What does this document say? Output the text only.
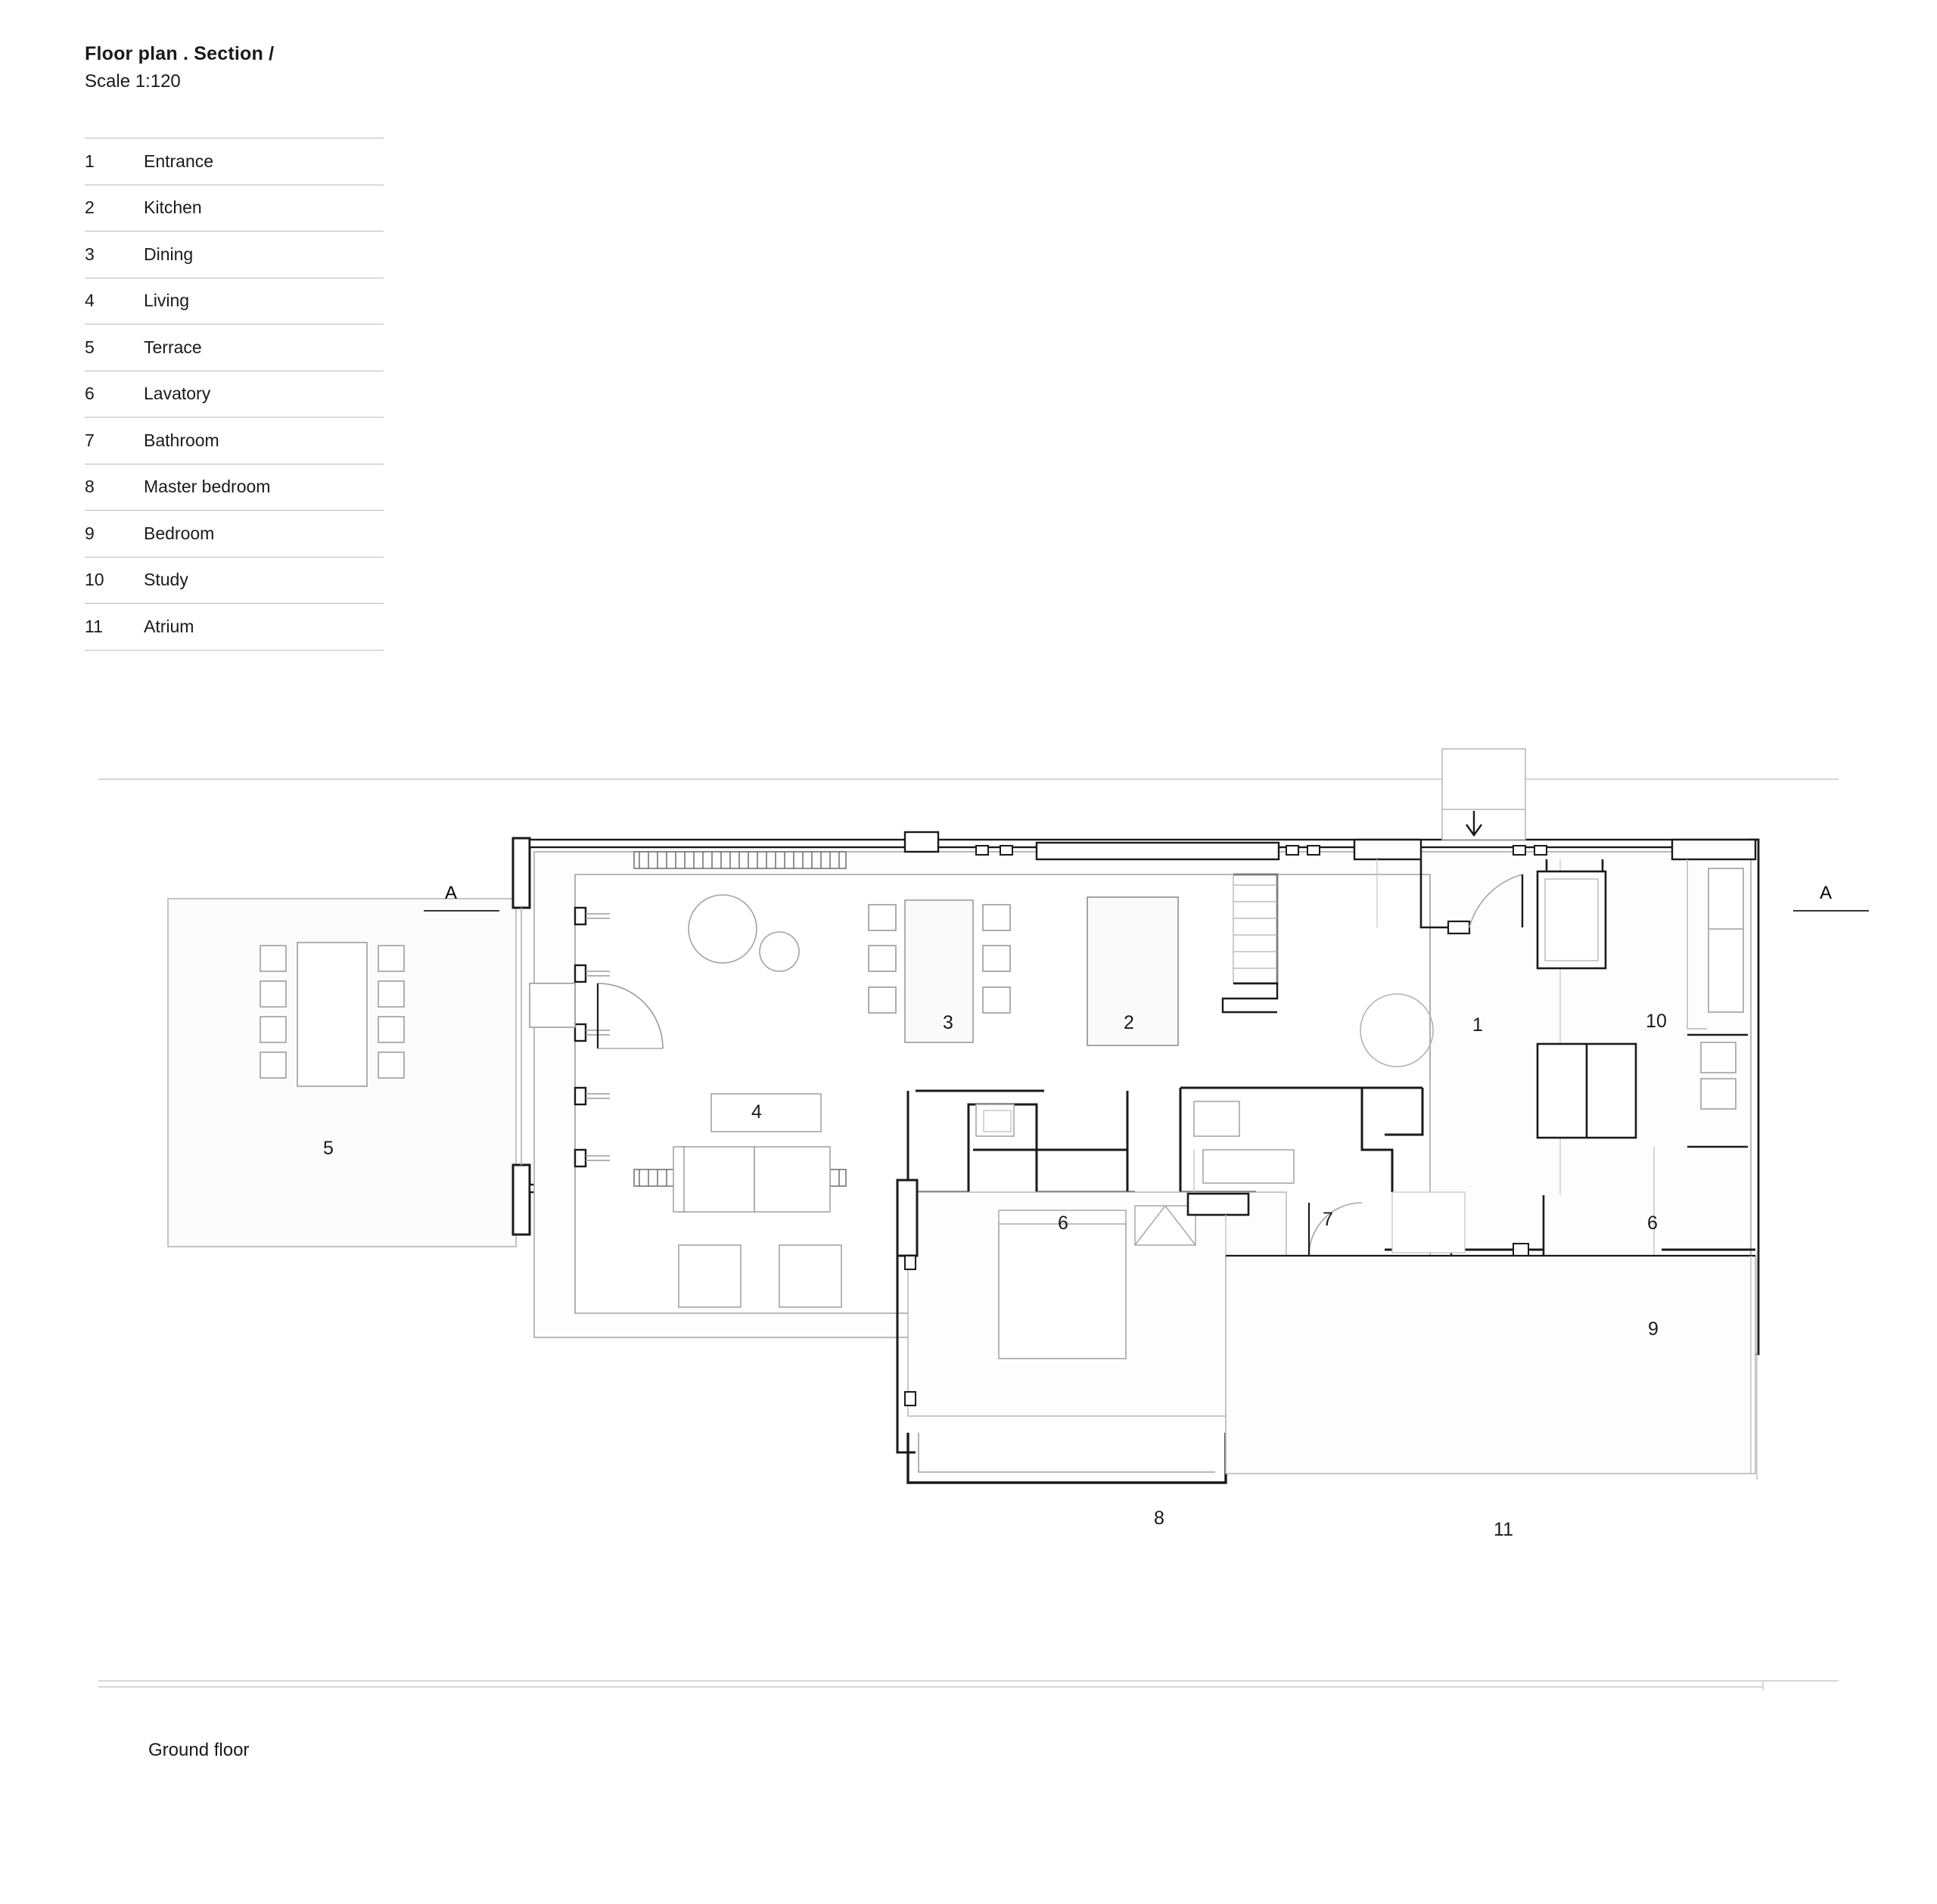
Floor plan . Section /

Scale 1:120

1	Entrance
2	Kitchen
3	Dining
4	Living
5	Terrace
6	Lavatory
7	Bathroom
8	Master bedroom
9	Bedroom
10	Study
11	Atrium
A	A
3	2	1	10
5
4
6	7	6
9
8
11
Ground floor
